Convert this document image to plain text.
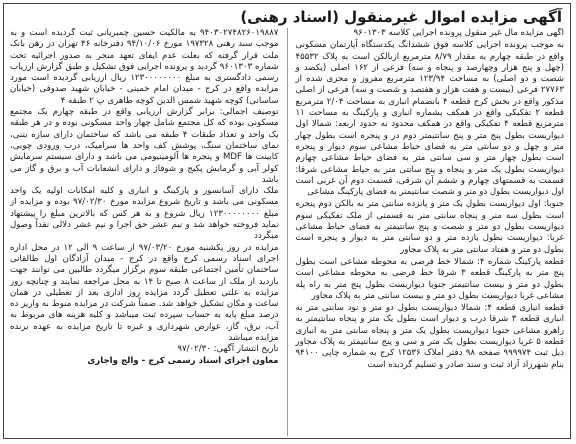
آگهی مزایده اموال غیرمنقول (اسناد رهنی)

آگهی مزایده مال غیر منقول پرونده اجرایی کلاسه ۹۶۰۱۳۰۳

به موجب پرونده اجرایی کلاسه فوق ششدانگ یکدستگاه آپارتمان مسکونی واقع در طبقه چهارم به مقدار ۸/۷۹ مترمربع ازبالکن است به پلاک ۴۵۵۳۲ (چهل و پنج هزار وچهارصد و پنجاه و سه) فرعی از ۱۶۲ اصلی (یکصد و شصت و دو اصلی) به مساحت ۱۲۳/۹۴ مترمربع مفروز و مجزی شده از ۲۷۷۶۳ فرعی (بیست و هفت هزار و هفتصد و شصت و سه) فرعی از اصلی مذکور واقع در بخش کرج قطعه ۴ بانضمام انباری به مساحت ۲/۰۴ مترمربع قطعه ۲ تفکیکی واقع در همکف بشماره انباری و پارکینگ به مساحت ۱۱ مترمربع قطعه ۴ تفکیکی واقع در همکف محدود به حدود اربعه: شمالا اول دیواریست بطول پنج متر و پنج سانتیمتر دوم در و پنجره است بطول چهار متر و چهل و دو سانتی متر به فضای حیاط مشاعی سوم دیوار و پنجره است بطول چهار متر و سی سانتی متر به فضای حیاط مشاعی چهارم دیواریست بطول یک متر و پنجاه و پنج سانتی متر به حیاط مشاعی شرقا: قسمت به قسمتهای چهارم و ششم آن شرقی، قسمت دوم آن غربی است اول دیواریست بطول دو متر و شصت سانتیمتر به فضای پارکینگ مشاعی

جنوبا: اول دیواریست بطول یک متر و پانزده سانتی متر به بالکن دوم پنجره است بطول سه متر و پنجاه سانتی متر به قسمتی از ملک تفکیکی سوم دیواریست بطول دو متر و شصت و پنج سانتیمتر به فضای حیاط مشاعی غربا: دیواریست بطول یازده متر و دو سانتی متر به دیوار و پنجره است بطول دو متر و هفتاد سانتی متر به پلاک مجاور

قطعه پارکینگ شماره ۴: شمالا خط فرضی به محوطه مشاعی است بطول پنج متر به پارکینگ قطعه ۳ شرقا خط فرضی به محوطه مشاعی است بطول دو متر و بیست سانتیمتر جنوبا دیواریست بطول پنج متر به راه پله مشاعی غربا دیواریست بطول دو متر و بیست سانتی متر به پلاک مجاور

قطعه انباری قطعه ۴: شمالا دیواریست بطول دو متر و نود سانتی متر به انباری قطعه ۳ شرقا درب و دیوار است بطول یک متر و پنجاه سانتیمتر به راهرو مشاعی جنوبا دیواریست بطول یک متر و پنجاه سانتی متر به انباری قطعه ۵ غربا دیواریست بطول یک متر و سی و پنج سانتیمتر به پلاک مجاور ذیل ثبت ۹۹۹۹۷۴ صفحه ۹۸ دفتر املاک ۱۲۵۳۶ کرج به شماره چاپی ۹۴۱۰۰ بنام شهرزاد آزاد ثبت و سند صادر و تسلیم گردیده است

۹۴۰۳۰۲۷۴۸۲۶۰۱۹۸۸۷ به مالکیت حسین چمبریانی ثبت گردیده است و به موجب سند رهنی ۱۹۷۳۲۸ مورخ ۹۴/۱۰/۰۶ دفترخانه ۴۶ تهران در رهن بانک ملت قرار گرفته که بعلت عدم ایفای تعهد منجر به صدور اجرائیه تحت شماره ۹۶۰۱۳۰۳ گردید و پرونده اجرایی فوق تشکیل و طبق گزارش ارزیاب رسمی دادگستری به مبلغ ۱۲۳۰۰۰۰۰۰۰۰ ریال ارزیابی گردیده است مورد مزایده واقع در کرج - میدان امام خمینی - خیابان شهید صدوقی (خیابان ساسانی) کوچه شهید شمس الدین کوچه طاهری پ ۲ طبقه ۴

توصیف اجمالی: برابر گزارش ارزیابی واقع در طبقه چهارم یک مجتمع مسکونی بوده که کل مجتمع شامل چهار واحد مسکونی بوده و در هر طبقه یک واحد و تعداد طبقات ۴ طبقه می باشد که ساختمان دارای سازه بتنی، نمای ساختمان سنگ، پوشش کف واحد ها سرامیک، درب ورودی چوبی، کابینت ها MDF و پنجره ها آلومینیومی می باشد و دارای سیستم سرمایش کولر آبی و گرمایش پکیج و شوفاژ و دارای انشعابات آب و برق و گاز می باشد

ملک دارای آسانسور و پارکینگ و انباری و کلیه امکانات اولیه یک واحد مسکونی می باشد و تاریخ شروع مزایده مورخ ۹۷/۰۲/۳۰ بوده و مزایده از مبلغ ۱۲۳۰۰۰۰۰۰۰۰ ریال شروع و به هر کس که بالاترین مبلغ را پیشنهاد نماید فروخته خواهد شد و نیم عشر حق اجرا و نیم عشر دلالی نقداً وصول میگردد

مزایده در روز یکشنبه مورخ ۹۷/۰۳/۲۰ از ساعت ۹ الی ۱۲ در محل اداره اجرای اسناد رسمی کرج واقع در کرج - میدان آزادگان اول طالقانی ساختمان تأمین اجتماعی طبقه سوم برگزار میگردد طالبین می توانند جهت بازدید از ملک از ساعت ۸ صبح تا ۱۴ به محل مراجعه نمایند و چنانچه روز مزایده به علتی تعطیل گردد مزایده روز اداری بعد از تعطیلی در همان ساعت و مکان تشکیل خواهد شد. ضمناً شرکت در مزایده منوط به واریز ده درصد مبلغ پایه به حساب سپرده ثبت میباشد و کلیه هزینه های مربوط به آب، برق، گاز، عوارض شهرداری و غیره تا تاریخ مزایده به عهده برنده مزایده میباشد

تاریخ انتشار آگهی: ۹۷/۰۲/۳۰

معاون اجرای اسناد رسمی کرج - والج واجاری
